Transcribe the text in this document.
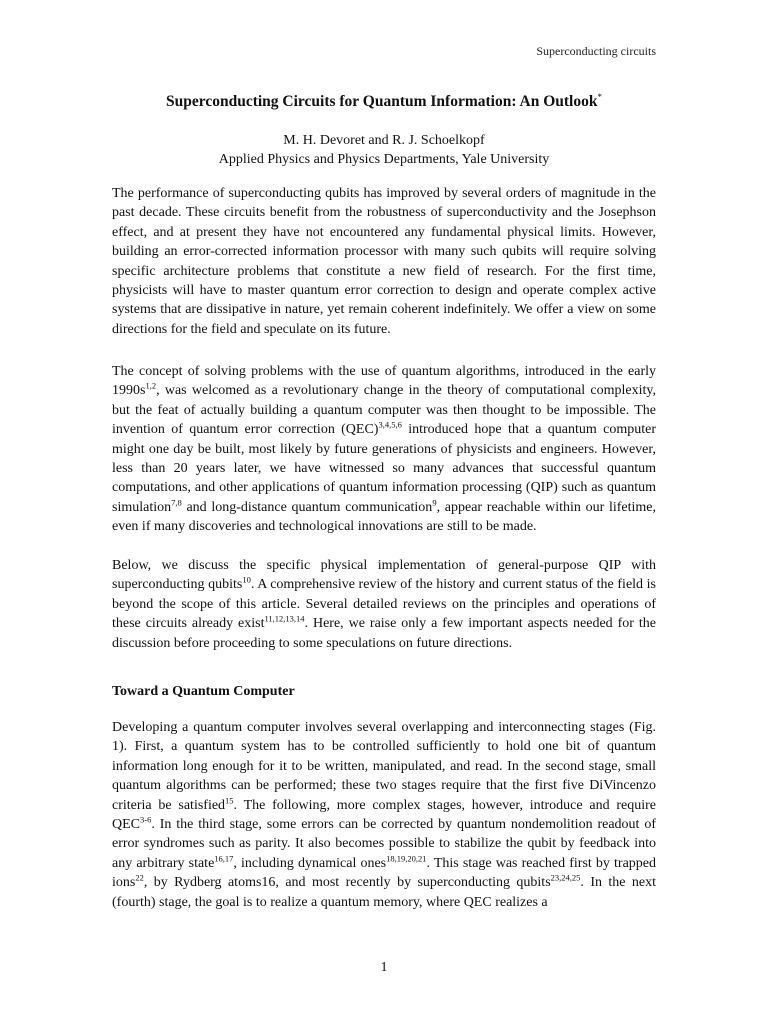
Superconducting circuits
Superconducting Circuits for Quantum Information: An Outlook*
M. H. Devoret and R. J. Schoelkopf
Applied Physics and Physics Departments, Yale University
The performance of superconducting qubits has improved by several orders of magnitude in the past decade. These circuits benefit from the robustness of superconductivity and the Josephson effect, and at present they have not encountered any fundamental physical limits. However, building an error-corrected information processor with many such qubits will require solving specific architecture problems that constitute a new field of research. For the first time, physicists will have to master quantum error correction to design and operate complex active systems that are dissipative in nature, yet remain coherent indefinitely. We offer a view on some directions for the field and speculate on its future.
The concept of solving problems with the use of quantum algorithms, introduced in the early $1990s^{1,2}$, was welcomed as a revolutionary change in the theory of computational complexity, but the feat of actually building a quantum computer was then thought to be impossible. The invention of quantum error correction (QEC)$^{3,4,5,6}$ introduced hope that a quantum computer might one day be built, most likely by future generations of physicists and engineers. However, less than 20 years later, we have witnessed so many advances that successful quantum computations, and other applications of quantum information processing (QIP) such as quantum simulation$^{7,8}$ and long-distance quantum communication$^9$, appear reachable within our lifetime, even if many discoveries and technological innovations are still to be made.
Below, we discuss the specific physical implementation of general-purpose QIP with superconducting qubits$^{10}$. A comprehensive review of the history and current status of the field is beyond the scope of this article. Several detailed reviews on the principles and operations of these circuits already exist$^{11,12,13,14}$. Here, we raise only a few important aspects needed for the discussion before proceeding to some speculations on future directions.
Toward a Quantum Computer
Developing a quantum computer involves several overlapping and interconnecting stages (Fig. 1). First, a quantum system has to be controlled sufficiently to hold one bit of quantum information long enough for it to be written, manipulated, and read. In the second stage, small quantum algorithms can be performed; these two stages require that the first five DiVincenzo criteria be satisfied$^{15}$. The following, more complex stages, however, introduce and require QEC$^{3-6}$. In the third stage, some errors can be corrected by quantum nondemolition readout of error syndromes such as parity. It also becomes possible to stabilize the qubit by feedback into any arbitrary state$^{16,17}$, including dynamical ones$^{18,19,20,21}$. This stage was reached first by trapped ions$^{22}$, by Rydberg atoms16, and most recently by superconducting qubits$^{23,24,25}$. In the next (fourth) stage, the goal is to realize a quantum memory, where QEC realizes a
1
